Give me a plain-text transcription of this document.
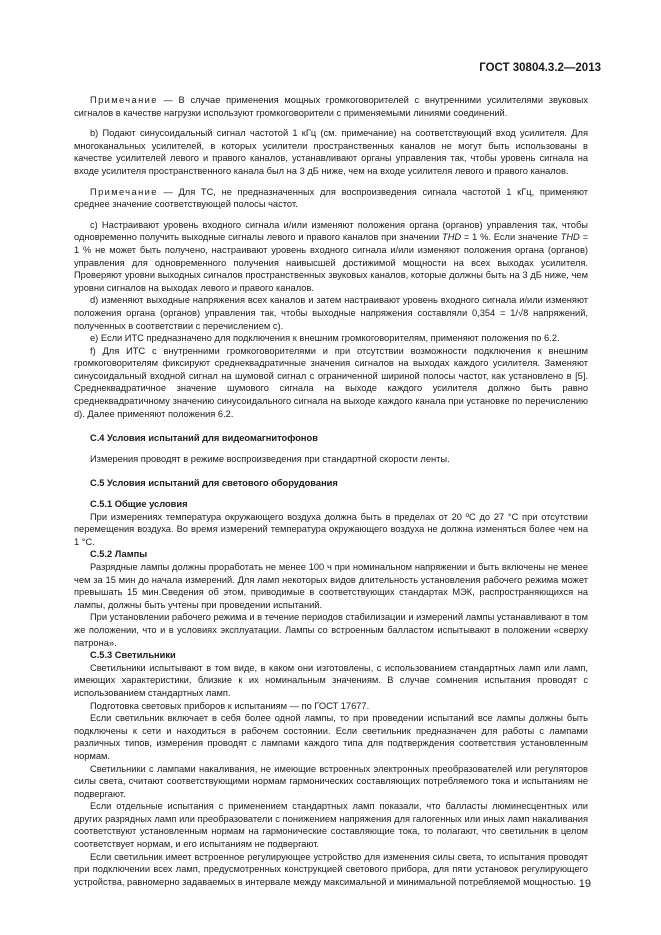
ГОСТ 30804.3.2—2013

Примечание — В случае применения мощных громкоговорителей с внутренними усилителями звуковых сигналов в качестве нагрузки используют громкоговорители с применяемыми линиями соединений.

b) Подают синусоидальный сигнал частотой 1 кГц (см. примечание) на соответствующий вход усилителя. Для многоканальных усилителей, в которых усилители пространственных каналов не могут быть использованы в качестве усилителей левого и правого каналов, устанавливают органы управления так, чтобы уровень сигнала на входе усилителя пространственного канала был на 3 дБ ниже, чем на входе усилителя левого и правого каналов.

Примечание — Для ТС, не предназначенных для воспроизведения сигнала частотой 1 кГц, применяют среднее значение соответствующей полосы частот.

c) Настраивают уровень входного сигнала и/или изменяют положения органа (органов) управления так, чтобы одновременно получить выходные сигналы левого и правого каналов при значении THD = 1 %. Если значение THD = 1 % не может быть получено, настраивают уровень входного сигнала и/или изменяют положения органа (органов) управления для одновременного получения наивысшей достижимой мощности на всех выходах усилителя. Проверяют уровни выходных сигналов пространственных звуковых каналов, которые должны быть на 3 дБ ниже, чем уровни сигналов на выходах левого и правого каналов.

d) изменяют выходные напряжения всех каналов и затем настраивают уровень входного сигнала и/или изменяют положения органа (органов) управления так, чтобы выходные напряжения составляли 0,354 = 1/√8 напряжений, полученных в соответствии с перечислением c).

e) Если ИТС предназначено для подключения к внешним громкоговорителям, применяют положения по 6.2.

f) Для ИТС с внутренними громкоговорителями и при отсутствии возможности подключения к внешним громкоговорителям фиксируют среднеквадратичные значения сигналов на выходах каждого усилителя. Заменяют синусоидальный входной сигнал на шумовой сигнал с ограниченной шириной полосы частот, как установлено в [5]. Среднеквадратичное значение шумового сигнала на выходе каждого усилителя должно быть равно среднеквадратичному значению синусоидального сигнала на выходе каждого канала при установке по перечислению d). Далее применяют положения 6.2.

С.4 Условия испытаний для видеомагнитофонов

Измерения проводят в режиме воспроизведения при стандартной скорости ленты.

С.5 Условия испытаний для светового оборудования

С.5.1 Общие условия

При измерениях температура окружающего воздуха должна быть в пределах от 20 ºС до 27 °С при отсутствии перемещения воздуха. Во время измерений температура окружающего воздуха не должна изменяться более чем на 1 °С.

С.5.2 Лампы

Разрядные лампы должны проработать не менее 100 ч при номинальном напряжении и быть включены не менее чем за 15 мин до начала измерений. Для ламп некоторых видов длительность установления рабочего режима может превышать 15 мин.Сведения об этом, приводимые в соответствующих стандартах МЭК, распространяющихся на лампы, должны быть учтены при проведении испытаний.

При установлении рабочего режима и в течение периодов стабилизации и измерений лампы устанавливают в том же положении, что и в условиях эксплуатации. Лампы со встроенным балластом испытывают в положении «сверху патрона».

С.5.3 Светильники

Светильники испытывают в том виде, в каком они изготовлены, с использованием стандартных ламп или ламп, имеющих характеристики, близкие к их номинальным значениям. В случае сомнения испытания проводят с использованием стандартных ламп.

Подготовка световых приборов к испытаниям — по ГОСТ 17677.

Если светильник включает в себя более одной лампы, то при проведении испытаний все лампы должны быть подключены к сети и находиться в рабочем состоянии. Если светильник предназначен для работы с лампами различных типов, измерения проводят с лампами каждого типа для подтверждения соответствия установленным нормам.

Светильники с лампами накаливания, не имеющие встроенных электронных преобразователей или регуляторов силы света, считают соответствующими нормам гармонических составляющих потребляемого тока и испытаниям не подвергают.

Если отдельные испытания с применением стандартных ламп показали, что балласты люминесцентных или других разрядных ламп или преобразователи с понижением напряжения для галогенных или иных ламп накаливания соответствуют установленным нормам на гармонические составляющие тока, то полагают, что светильник в целом соответствует нормам, и его испытаниям не подвергают.

Если светильник имеет встроенное регулирующее устройство для изменения силы света, то испытания проводят при подключении всех ламп, предусмотренных конструкцией светового прибора, для пяти установок регулирующего устройства, равномерно задаваемых в интервале между максимальной и минимальной потребляемой мощностью. 19
